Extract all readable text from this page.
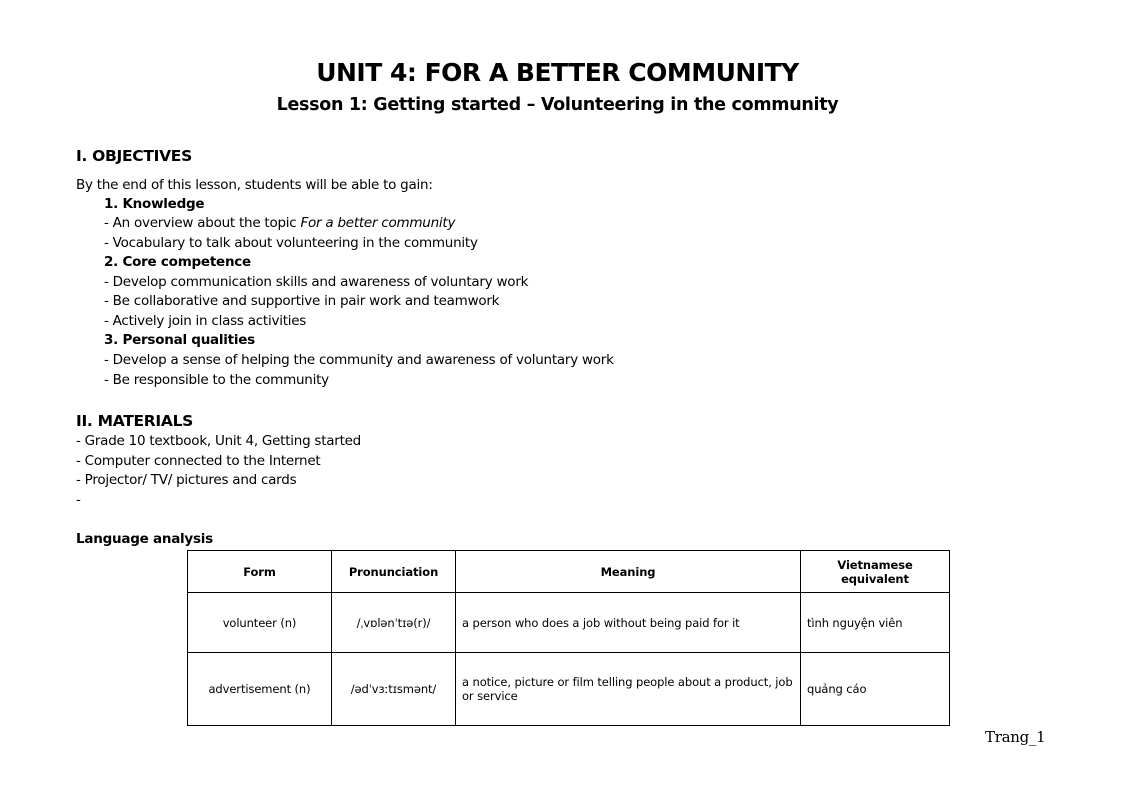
UNIT 4: FOR A BETTER COMMUNITY
Lesson 1: Getting started – Volunteering in the community
I. OBJECTIVES
By the end of this lesson, students will be able to gain:
1. Knowledge
- An overview about the topic For a better community
- Vocabulary to talk about volunteering in the community
2. Core competence
- Develop communication skills and awareness of voluntary work
- Be collaborative and supportive in pair work and teamwork
- Actively join in class activities
3. Personal qualities
- Develop a sense of helping the community and awareness of voluntary work
- Be responsible to the community
II. MATERIALS
- Grade 10 textbook, Unit 4, Getting started
- Computer connected to the Internet
- Projector/ TV/ pictures and cards
-
Language analysis
Form	Pronunciation	Meaning	Vietnamese equivalent
volunteer (n)	/ˌvɒlənˈtɪə(r)/	a person who does a job without being paid for it	tình nguyện viên
advertisement (n)	/ədˈvɜːtɪsmənt/	a notice, picture or film telling people about a product, job or service	quảng cáo
Trang_1
